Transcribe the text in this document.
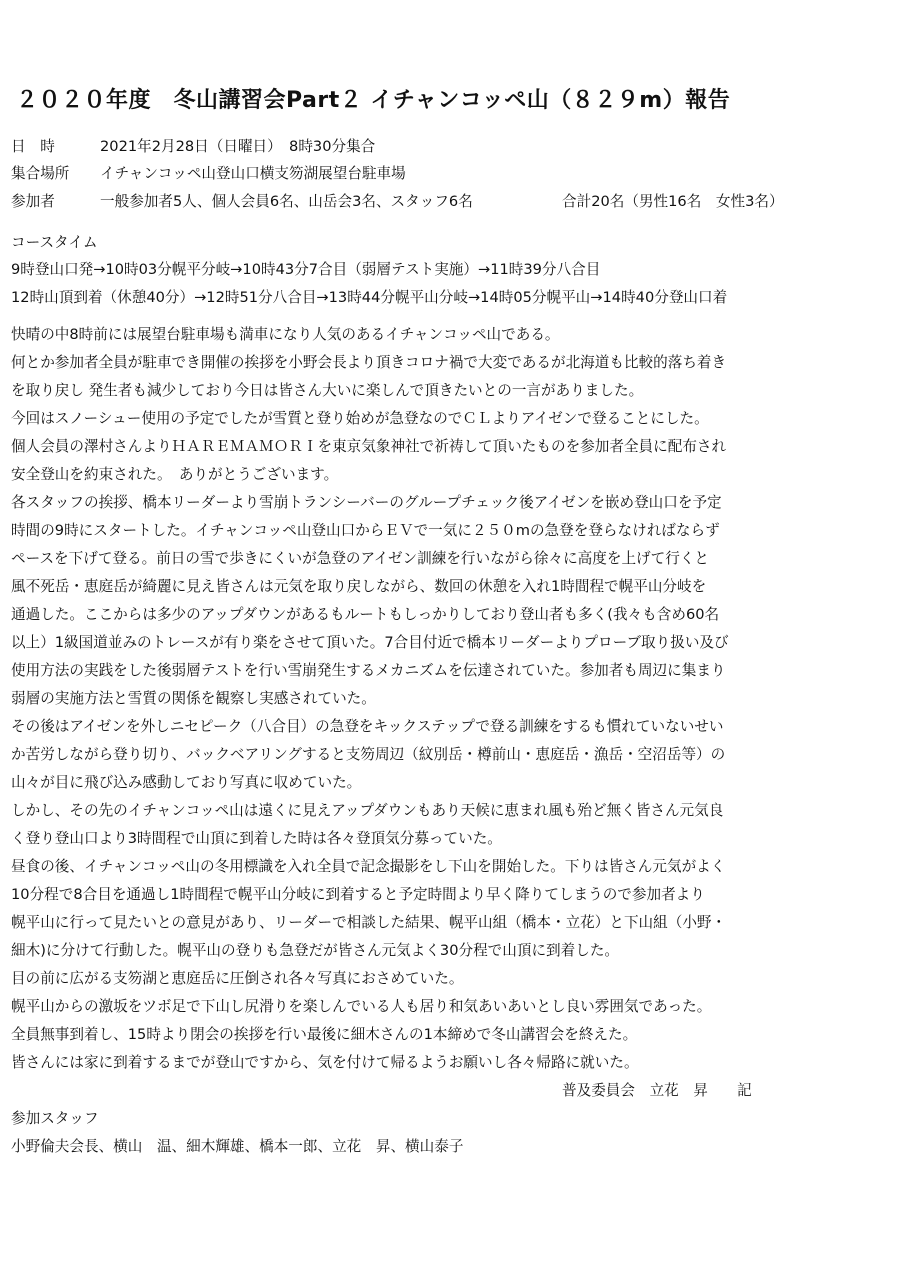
２０２０年度　冬山講習会Part２ イチャンコッペ山（８２９m）報告
日　時	2021年2月28日（日曜日）　8時30分集合
集合場所 イチャンコッペ山登山口横支笏湖展望台駐車場
参加者	一般参加者5人、個人会員6名、山岳会3名、スタッフ6名	合計20名（男性16名　女性3名）
コースタイム
9時登山口発→10時03分幌平分岐→10時43分7合目（弱層テスト実施）→11時39分八合目
12時山頂到着（休憩40分）→12時51分八合目→13時44分幌平山分岐→14時05分幌平山→14時40分登山口着
快晴の中8時前には展望台駐車場も満車になり人気のあるイチャンコッペ山である。
何とか参加者全員が駐車でき開催の挨拶を小野会長より頂きコロナ禍で大変であるが北海道も比較的落ち着き
を取り戻し 発生者も減少しており今日は皆さん大いに楽しんで頂きたいとの一言がありました。
今回はスノーシュー使用の予定でしたが雪質と登り始めが急登なのでＣＬよりアイゼンで登ることにした。
個人会員の澤村さんよりＨＡＲＥＭＡＭＯＲＩを東京気象神社で祈祷して頂いたものを参加者全員に配布され
安全登山を約束された。　ありがとうございます。
各スタッフの挨拶、橋本リーダーより雪崩トランシーバーのグループチェック後アイゼンを嵌め登山口を予定
時間の9時にスタートした。イチャンコッペ山登山口からＥＶで一気に２５０mの急登を登らなければならず
ペースを下げて登る。前日の雪で歩きにくいが急登のアイゼン訓練を行いながら徐々に高度を上げて行くと
風不死岳・恵庭岳が綺麗に見え皆さんは元気を取り戻しながら、数回の休憩を入れ1時間程で幌平山分岐を
通過した。ここからは多少のアップダウンがあるもルートもしっかりしており登山者も多く(我々も含め60名
以上）1級国道並みのトレースが有り楽をさせて頂いた。7合目付近で橋本リーダーよりプローブ取り扱い及び
使用方法の実践をした後弱層テストを行い雪崩発生するメカニズムを伝達されていた。参加者も周辺に集まり
弱層の実施方法と雪質の関係を観察し実感されていた。
その後はアイゼンを外しニセピーク（八合目）の急登をキックステップで登る訓練をするも慣れていないせい
か苦労しながら登り切り、バックベアリングすると支笏周辺（紋別岳・樽前山・恵庭岳・漁岳・空沼岳等）の
山々が目に飛び込み感動しており写真に収めていた。
しかし、その先のイチャンコッペ山は遠くに見えアップダウンもあり天候に恵まれ風も殆ど無く皆さん元気良
く登り登山口より3時間程で山頂に到着した時は各々登頂気分募っていた。
昼食の後、イチャンコッペ山の冬用標識を入れ全員で記念撮影をし下山を開始した。下りは皆さん元気がよく
10分程で8合目を通過し1時間程で幌平山分岐に到着すると予定時間より早く降りてしまうので参加者より
幌平山に行って見たいとの意見があり、リーダーで相談した結果、幌平山組（橋本・立花）と下山組（小野・
細木)に分けて行動した。幌平山の登りも急登だが皆さん元気よく30分程で山頂に到着した。
目の前に広がる支笏湖と恵庭岳に圧倒され各々写真におさめていた。
幌平山からの激坂をツボ足で下山し尻滑りを楽しんでいる人も居り和気あいあいとし良い雰囲気であった。
全員無事到着し、15時より閉会の挨拶を行い最後に細木さんの1本締めで冬山講習会を終えた。
皆さんには家に到着するまでが登山ですから、気を付けて帰るようお願いし各々帰路に就いた。
普及委員会　立花　昇　　記
参加スタッフ
小野倫夫会長、横山　温、細木輝雄、橋本一郎、立花　昇、横山泰子
